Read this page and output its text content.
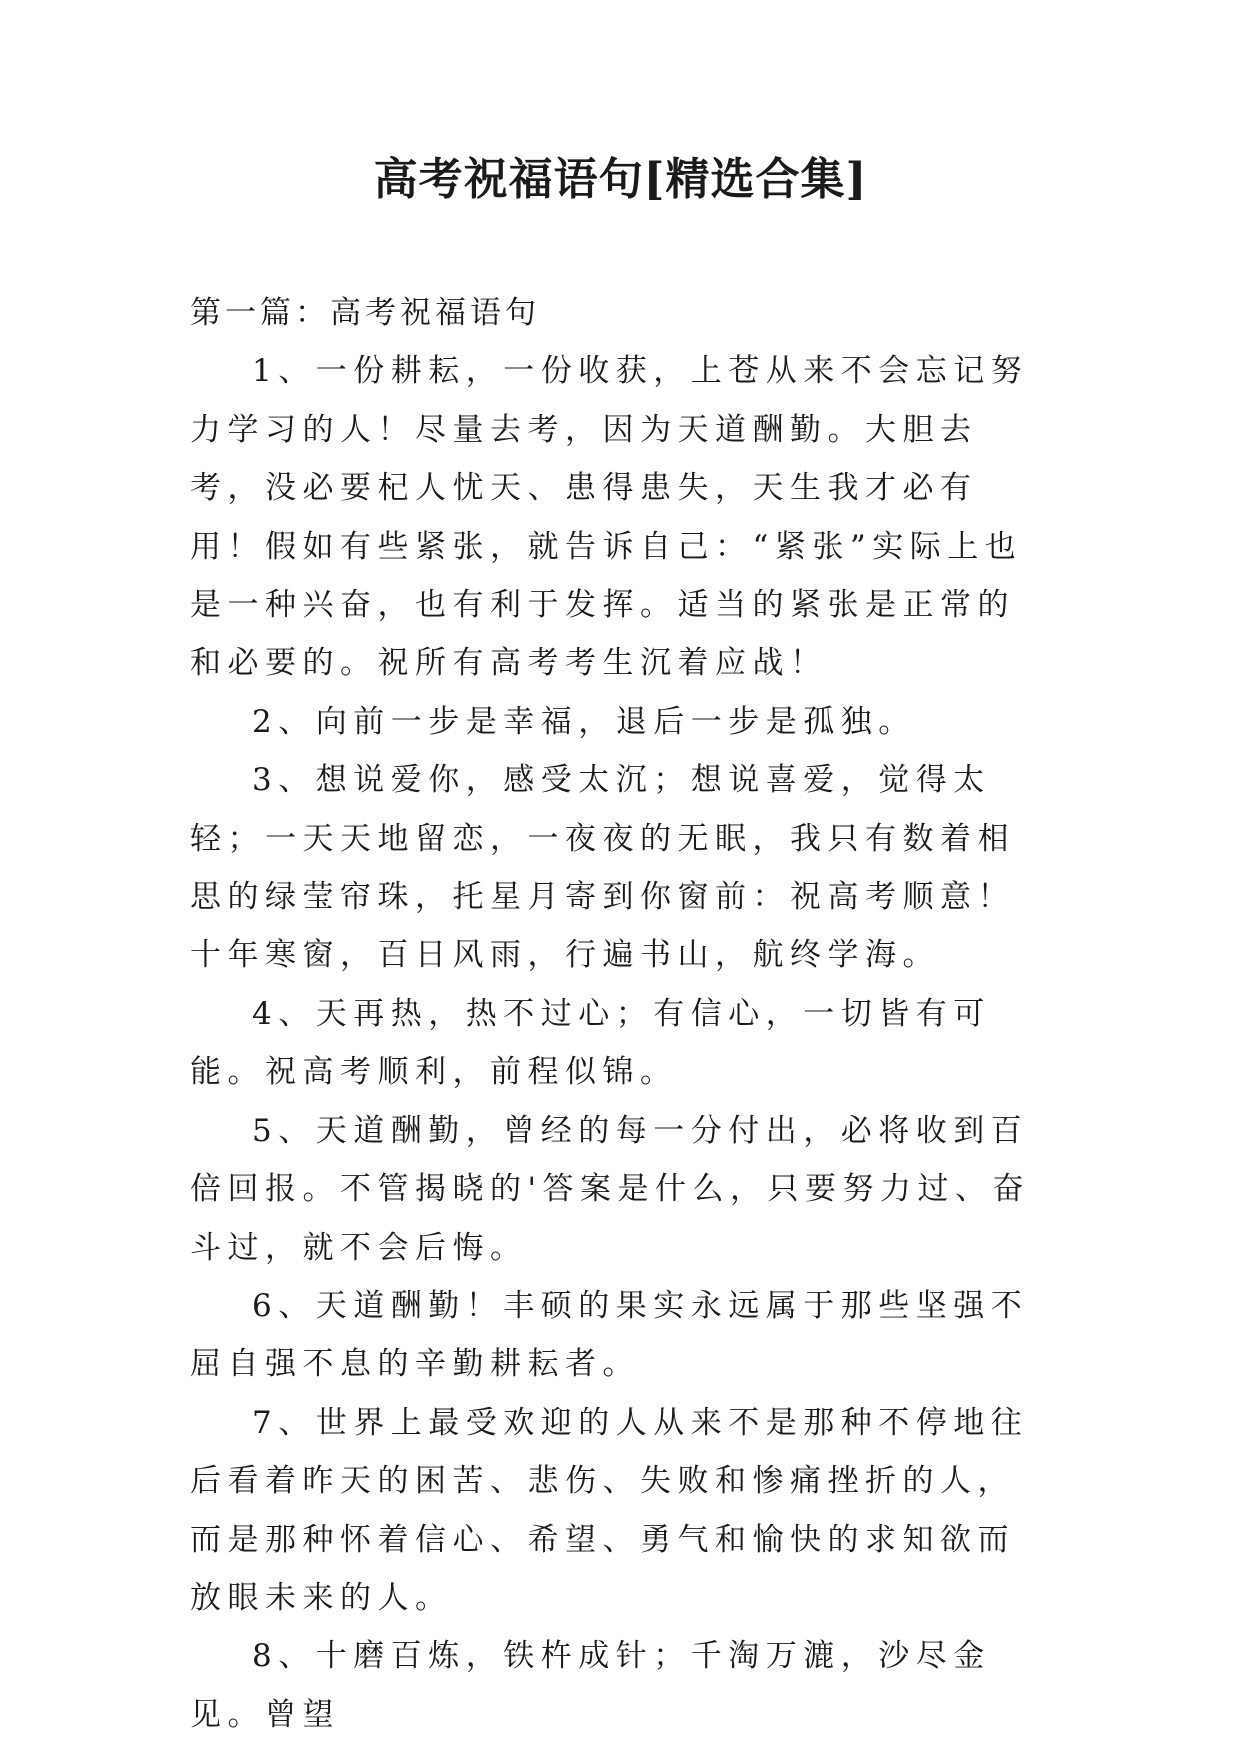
高考祝福语句[精选合集]

第一篇：高考祝福语句

1、一份耕耘，一份收获，上苍从来不会忘记努力学习的人！尽量去考，因为天道酬勤。大胆去考，没必要杞人忧天、患得患失，天生我才必有用！假如有些紧张，就告诉自己：“紧张”实际上也是一种兴奋，也有利于发挥。适当的紧张是正常的和必要的。祝所有高考考生沉着应战！

2、向前一步是幸福，退后一步是孤独。

3、想说爱你，感受太沉；想说喜爱，觉得太轻；一天天地留恋，一夜夜的无眠，我只有数着相思的绿莹帘珠，托星月寄到你窗前：祝高考顺意！十年寒窗，百日风雨，行遍书山，航终学海。

4、天再热，热不过心；有信心，一切皆有可能。祝高考顺利，前程似锦。

5、天道酬勤，曾经的每一分付出，必将收到百倍回报。不管揭晓的'答案是什么，只要努力过、奋斗过，就不会后悔。

6、天道酬勤！丰硕的果实永远属于那些坚强不屈自强不息的辛勤耕耘者。

7、世界上最受欢迎的人从来不是那种不停地往后看着昨天的困苦、悲伤、失败和惨痛挫折的人，而是那种怀着信心、希望、勇气和愉快的求知欲而放眼未来的人。

8、十磨百炼，铁杵成针；千淘万漉，沙尽金见。曾望
